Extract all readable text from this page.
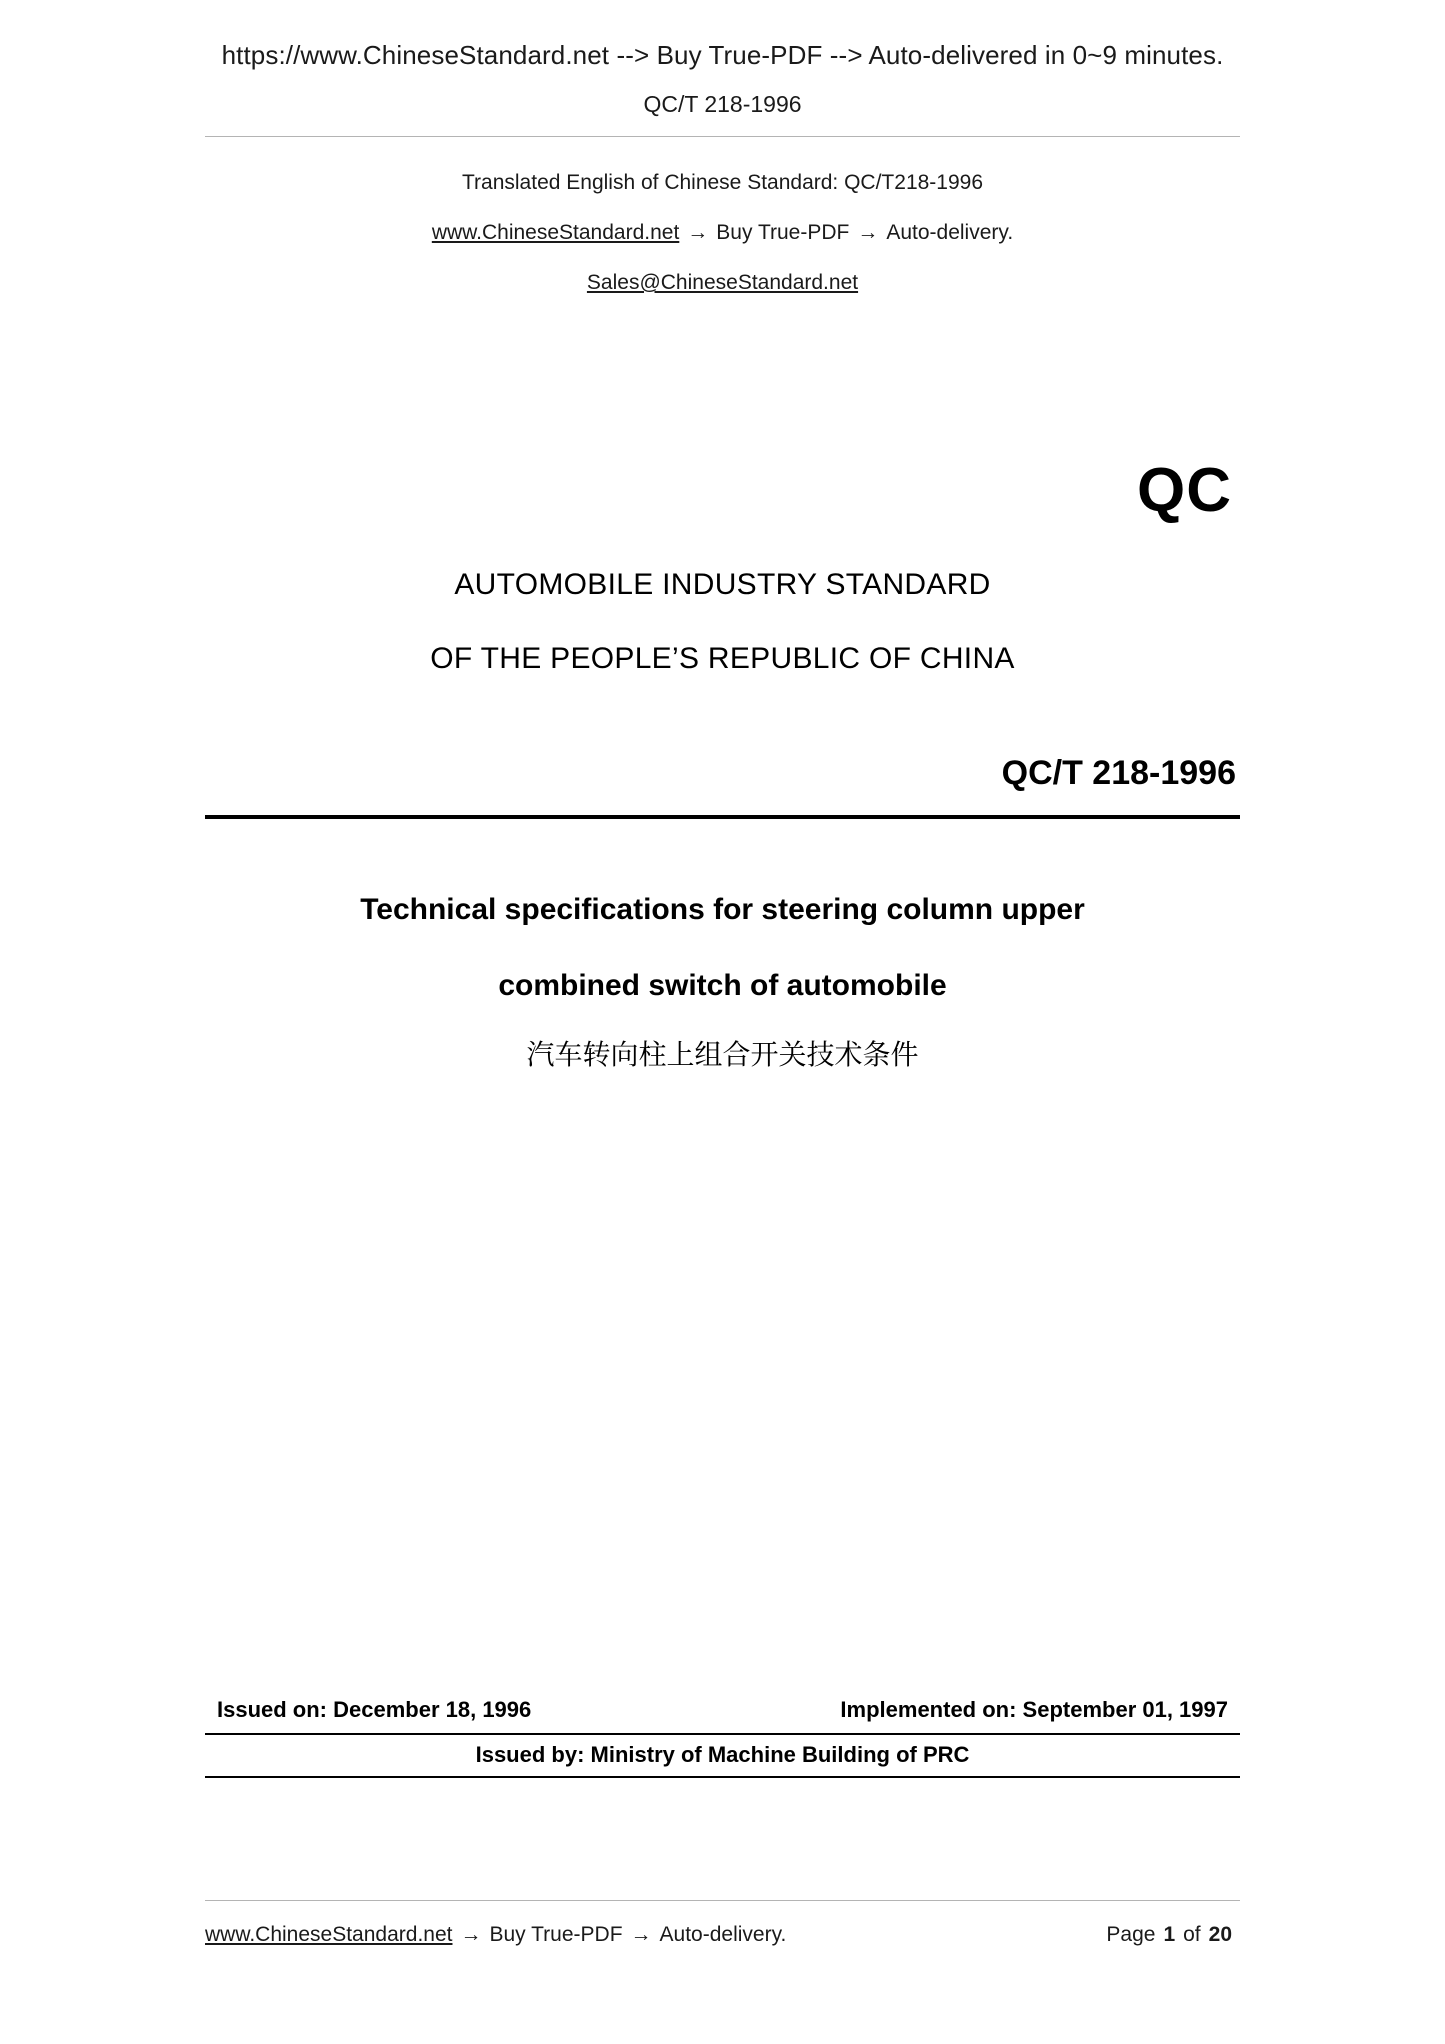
https://www.ChineseStandard.net --> Buy True-PDF --> Auto-delivered in 0~9 minutes.
QC/T 218-1996
Translated English of Chinese Standard: QC/T218-1996
www.ChineseStandard.net → Buy True-PDF → Auto-delivery.
Sales@ChineseStandard.net
QC
AUTOMOBILE INDUSTRY STANDARD
OF THE PEOPLE’S REPUBLIC OF CHINA
QC/T 218-1996
Technical specifications for steering column upper
combined switch of automobile
汽车转向柱上组合开关技术条件
Issued on: December 18, 1996	Implemented on: September 01, 1997
Issued by: Ministry of Machine Building of PRC
www.ChineseStandard.net → Buy True-PDF → Auto-delivery.	Page 1 of 20
